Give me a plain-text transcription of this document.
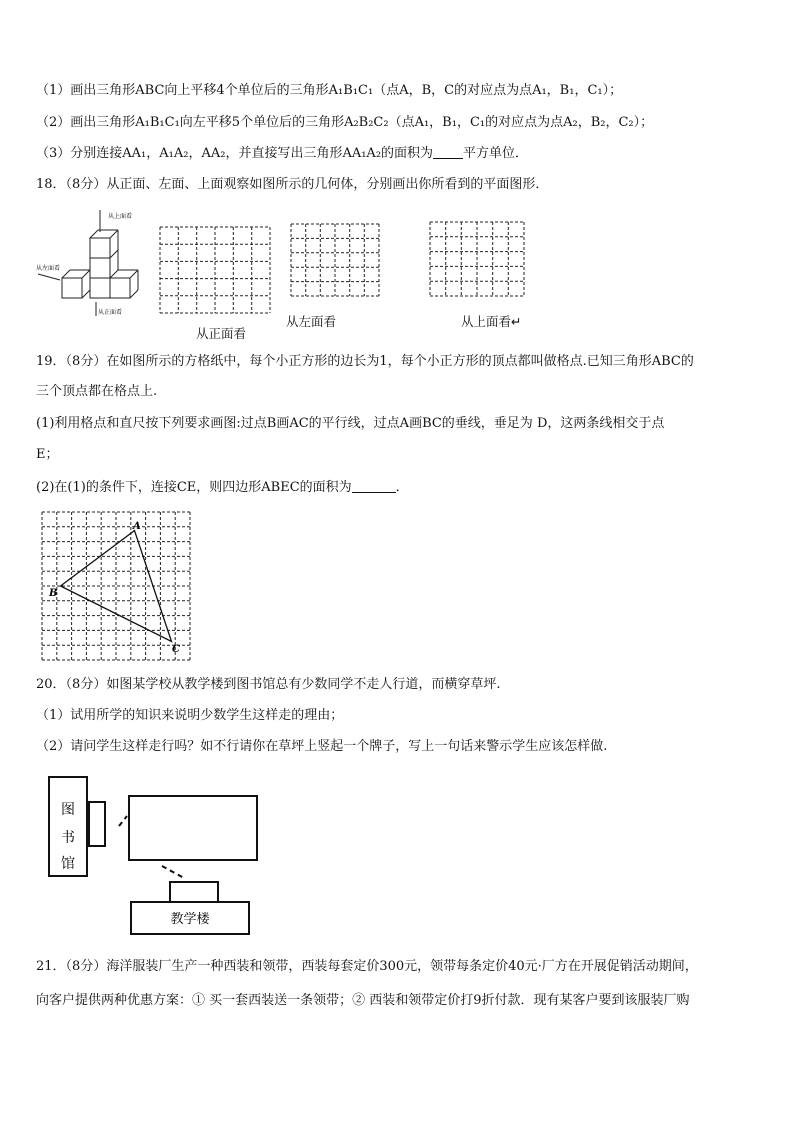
（1）画出三角形ABC向上平移4个单位后的三角形A₁B₁C₁（点A，B，C的对应点为点A₁，B₁，C₁）；
（2）画出三角形A₁B₁C₁向左平移5个单位后的三角形A₂B₂C₂（点A₁，B₁，C₁的对应点为点A₂，B₂，C₂）；
（3）分别连接AA₁，A₁A₂，AA₂，并直接写出三角形AA₁A₂的面积为 平方单位．
18．（8分）从正面、左面、上面观察如图所示的几何体，分别画出你所看到的平面图形．
从上面看
从左面看
从正面看
从正面看
从左面看	从上面看↵
19．（8分）在如图所示的方格纸中，每个小正方形的边长为1，每个小正方形的顶点都叫做格点.已知三角形ABC的
三个顶点都在格点上.
(1)利用格点和直尺按下列要求画图:过点B画AC的平行线，过点A画BC的垂线，垂足为 D，这两条线相交于点
E；
(2)在(1)的条件下，连接CE，则四边形ABEC的面积为	．
A
B
C
20．（8分）如图某学校从教学楼到图书馆总有少数同学不走人行道，而横穿草坪.
（1）试用所学的知识来说明少数学生这样走的理由；
（2）请问学生这样走行吗？如不行请你在草坪上竖起一个牌子，写上一句话来警示学生应该怎样做.
图
书
馆
教学楼
21．（8分）海洋服装厂生产一种西装和领带，西装每套定价300元，领带每条定价40元·厂方在开展促销活动期间，
向客户提供两种优惠方案：① 买一套西装送一条领带；② 西装和领带定价打9折付款．现有某客户要到该服装厂购
